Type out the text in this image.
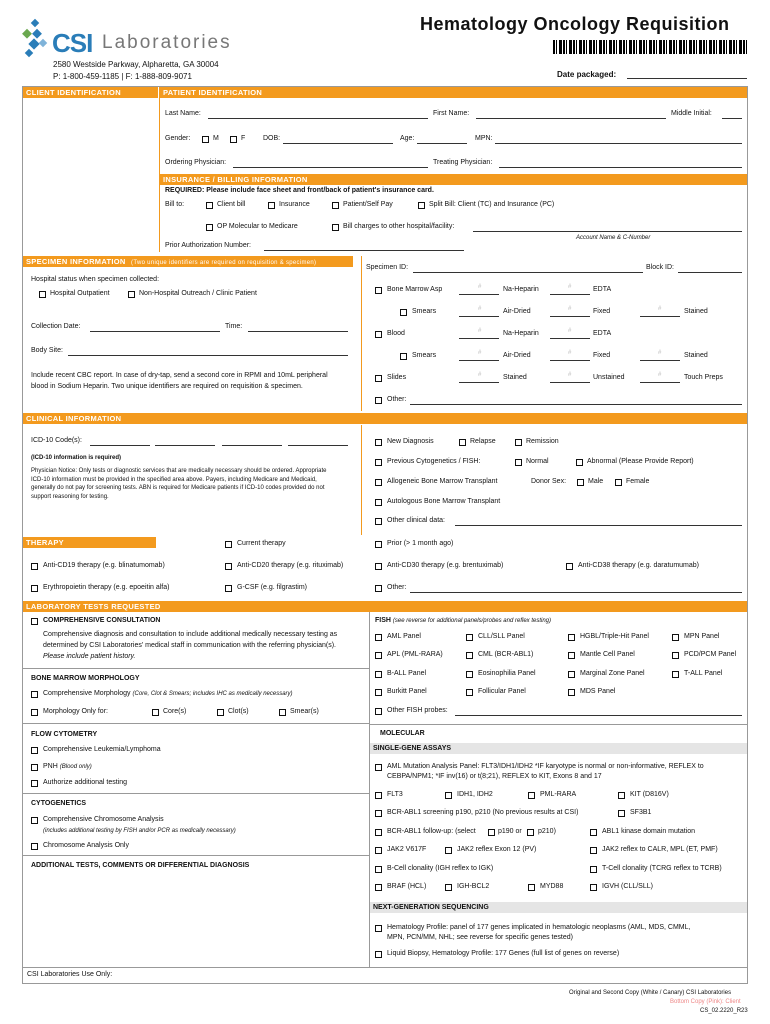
CSI Laboratories
2580 Westside Parkway, Alpharetta, GA 30004
P: 1-800-459-1185 | F: 1-888-809-9071
Hematology Oncology Requisition
Date packaged:
CLIENT IDENTIFICATION	PATIENT IDENTIFICATION
Last Name:	First Name:	Middle Initial:
Gender:	M	F	DOB:	Age:	MPN:
Ordering Physician:	Treating Physician:
INSURANCE / BILLING INFORMATION
REQUIRED: Please include face sheet and front/back of patient's insurance card.
Bill to:	Client bill	Insurance	Patient/Self Pay	Split Bill: Client (TC) and Insurance (PC)
OP Molecular to Medicare	Bill charges to other hospital/facility:
Account Name & C-Number
Prior Authorization Number:
SPECIMEN INFORMATION (Two unique identifiers are required on requisition & specimen)
Hospital status when specimen collected:
Hospital Outpatient	Non-Hospital Outreach / Clinic Patient
Collection Date:	Time:
Body Site:
Include recent CBC report. In case of dry-tap, send a second core in RPMI and 10mL peripheral blood in Sodium Heparin. Two unique identifiers are required on requisition & specimen.
Specimen ID:	Block ID:
Bone Marrow Asp	#	Na-Heparin	#	EDTA
Smears	#	Air-Dried	#	Fixed	#	Stained
Blood	#	Na-Heparin	#	EDTA
Smears	#	Air-Dried	#	Fixed	#	Stained
Slides	#	Stained	#	Unstained	#	Touch Preps
Other:
CLINICAL INFORMATION
ICD-10 Code(s):
(ICD-10 information is required)
Physician Notice: Only tests or diagnostic services that are medically necessary should be ordered. Appropriate ICD-10 information must be provided in the specified area above. Payers, including Medicare and Medicaid, generally do not pay for screening tests. ABN is required for Medicare patients if ICD-10 codes provided do not support reasoning for testing.
New Diagnosis	Relapse	Remission
Previous Cytogenetics / FISH:	Normal	Abnormal (Please Provide Report)
Allogeneic Bone Marrow Transplant	Donor Sex:	Male	Female
Autologous Bone Marrow Transplant
Other clinical data:
THERAPY	Current therapy	Prior (> 1 month ago)
Anti-CD19 therapy (e.g. blinatumomab)	Anti-CD20 therapy (e.g. rituximab)	Anti-CD30 therapy (e.g. brentuximab)	Anti-CD38 therapy (e.g. daratumumab)
Erythropoietin therapy (e.g. epoeitin alfa)	G-CSF (e.g. filgrastim)	Other:
LABORATORY TESTS REQUESTED
COMPREHENSIVE CONSULTATION
Comprehensive diagnosis and consultation to include additional medically necessary testing as determined by CSI Laboratories' medical staff in communication with the referring physician(s). Please include patient history.
BONE MARROW MORPHOLOGY
Comprehensive Morphology (Core, Clot & Smears; includes IHC as medically necessary)
Morphology Only for:	Core(s)	Clot(s)	Smear(s)
FLOW CYTOMETRY
Comprehensive Leukemia/Lymphoma
PNH (Blood only)
Authorize additional testing
CYTOGENETICS
Comprehensive Chromosome Analysis
(includes additional testing by FISH and/or PCR as medically necessary)
Chromosome Analysis Only
ADDITIONAL TESTS, COMMENTS OR DIFFERENTIAL DIAGNOSIS
FISH (see reverse for additional panels/probes and reflex testing)
AML Panel	CLL/SLL Panel	HGBL/Triple-Hit Panel	MPN Panel
APL (PML-RARA)	CML (BCR-ABL1)	Mantle Cell Panel	PCD/PCM Panel
B-ALL Panel	Eosinophilia Panel	Marginal Zone Panel	T-ALL Panel
Burkitt Panel	Follicular Panel	MDS Panel
Other FISH probes:
MOLECULAR
SINGLE-GENE ASSAYS
AML Mutation Analysis Panel: FLT3/IDH1/IDH2 *IF karyotype is normal or non-informative, REFLEX to CEBPA/NPM1; *IF inv(16) or t(8;21), REFLEX to KIT, Exons 8 and 17
FLT3	IDH1, IDH2	PML-RARA	KIT (D816V)
BCR-ABL1 screening p190, p210 (No previous results at CSI)	SF3B1
BCR-ABL1 follow-up: (select	p190 or p210)	ABL1 kinase domain mutation
JAK2 V617F	JAK2 reflex Exon 12 (PV)	JAK2 reflex to CALR, MPL (ET, PMF)
B-Cell clonality (IGH reflex to IGK)	T-Cell clonality (TCRG reflex to TCRB)
BRAF (HCL)	IGH-BCL2	MYD88	IGVH (CLL/SLL)
NEXT-GENERATION SEQUENCING
Hematology Profile: panel of 177 genes implicated in hematologic neoplasms (AML, MDS, CMML, MPN, PCN/MM, NHL; see reverse for specific genes tested)
Liquid Biopsy, Hematology Profile: 177 Genes (full list of genes on reverse)
CSI Laboratories Use Only:
Original and Second Copy (White / Canary) CSI Laboratories
Bottom Copy (Pink): Client
CS_02.2220_R23
